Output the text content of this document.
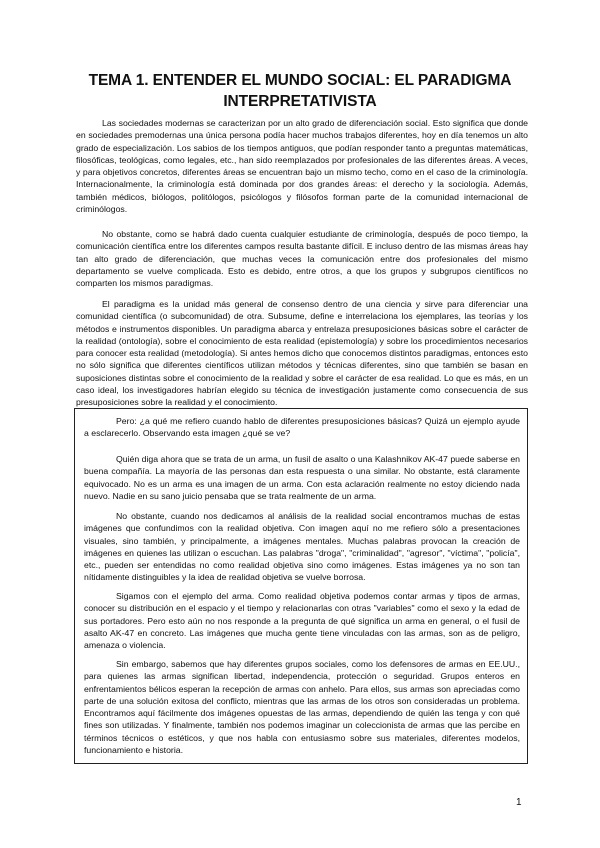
TEMA 1. ENTENDER EL MUNDO SOCIAL: EL PARADIGMA INTERPRETATIVISTA

Las sociedades modernas se caracterizan por un alto grado de diferenciación social. Esto significa que donde en sociedades premodernas una única persona podía hacer muchos trabajos diferentes, hoy en día tenemos un alto grado de especialización. Los sabios de los tiempos antiguos, que podían responder tanto a preguntas matemáticas, filosóficas, teológicas, como legales, etc., han sido reemplazados por profesionales de las diferentes áreas. A veces, y para objetivos concretos, diferentes áreas se encuentran bajo un mismo techo, como en el caso de la criminología. Internacionalmente, la criminología está dominada por dos grandes áreas: el derecho y la sociología. Además, también médicos, biólogos, politólogos, psicólogos y filósofos forman parte de la comunidad internacional de criminólogos.

No obstante, como se habrá dado cuenta cualquier estudiante de criminología, después de poco tiempo, la comunicación científica entre los diferentes campos resulta bastante difícil. E incluso dentro de las mismas áreas hay tan alto grado de diferenciación, que muchas veces la comunicación entre dos profesionales del mismo departamento se vuelve complicada. Esto es debido, entre otros, a que los grupos y subgrupos científicos no comparten los mismos paradigmas.

El paradigma es la unidad más general de consenso dentro de una ciencia y sirve para diferenciar una comunidad científica (o subcomunidad) de otra. Subsume, define e interrelaciona los ejemplares, las teorías y los métodos e instrumentos disponibles. Un paradigma abarca y entrelaza presuposiciones básicas sobre el carácter de la realidad (ontología), sobre el conocimiento de esta realidad (epistemología) y sobre los procedimientos necesarios para conocer esta realidad (metodología). Si antes hemos dicho que conocemos distintos paradigmas, entonces esto no sólo significa que diferentes científicos utilizan métodos y técnicas diferentes, sino que también se basan en suposiciones distintas sobre el conocimiento de la realidad y sobre el carácter de esa realidad. Lo que es más, en un caso ideal, los investigadores habrían elegido su técnica de investigación justamente como consecuencia de sus presuposiciones sobre la realidad y el conocimiento.

Pero: ¿a qué me refiero cuando hablo de diferentes presuposiciones básicas? Quizá un ejemplo ayude a esclarecerlo. Observando esta imagen ¿qué se ve?

Quién diga ahora que se trata de un arma, un fusil de asalto o una Kalashnikov AK-47 puede saberse en buena compañía. La mayoría de las personas dan esta respuesta o una similar. No obstante, está claramente equivocado. No es un arma es una imagen de un arma. Con esta aclaración realmente no estoy diciendo nada nuevo. Nadie en su sano juicio pensaba que se trata realmente de un arma.

No obstante, cuando nos dedicamos al análisis de la realidad social encontramos muchas de estas imágenes que confundimos con la realidad objetiva. Con imagen aquí no me refiero sólo a presentaciones visuales, sino también, y principalmente, a imágenes mentales. Muchas palabras provocan la creación de imágenes en quienes las utilizan o escuchan. Las palabras "droga", "criminalidad", "agresor", "víctima", "policía", etc., pueden ser entendidas no como realidad objetiva sino como imágenes. Estas imágenes ya no son tan nítidamente distinguibles y la idea de realidad objetiva se vuelve borrosa.

Sigamos con el ejemplo del arma. Como realidad objetiva podemos contar armas y tipos de armas, conocer su distribución en el espacio y el tiempo y relacionarlas con otras "variables" como el sexo y la edad de sus portadores. Pero esto aún no nos responde a la pregunta de qué significa un arma en general, o el fusil de asalto AK-47 en concreto. Las imágenes que mucha gente tiene vinculadas con las armas, son as de peligro, amenaza o violencia.

Sin embargo, sabemos que hay diferentes grupos sociales, como los defensores de armas en EE.UU., para quienes las armas significan libertad, independencia, protección o seguridad. Grupos enteros en enfrentamientos bélicos esperan la recepción de armas con anhelo. Para ellos, sus armas son apreciadas como parte de una solución exitosa del conflicto, mientras que las armas de los otros son consideradas un problema. Encontramos aquí fácilmente dos imágenes opuestas de las armas, dependiendo de quién las tenga y con qué fines son utilizadas. Y finalmente, también nos podemos imaginar un coleccionista de armas que las percibe en términos técnicos o estéticos, y que nos habla con entusiasmo sobre sus materiales, diferentes modelos, funcionamiento e historia.

1
